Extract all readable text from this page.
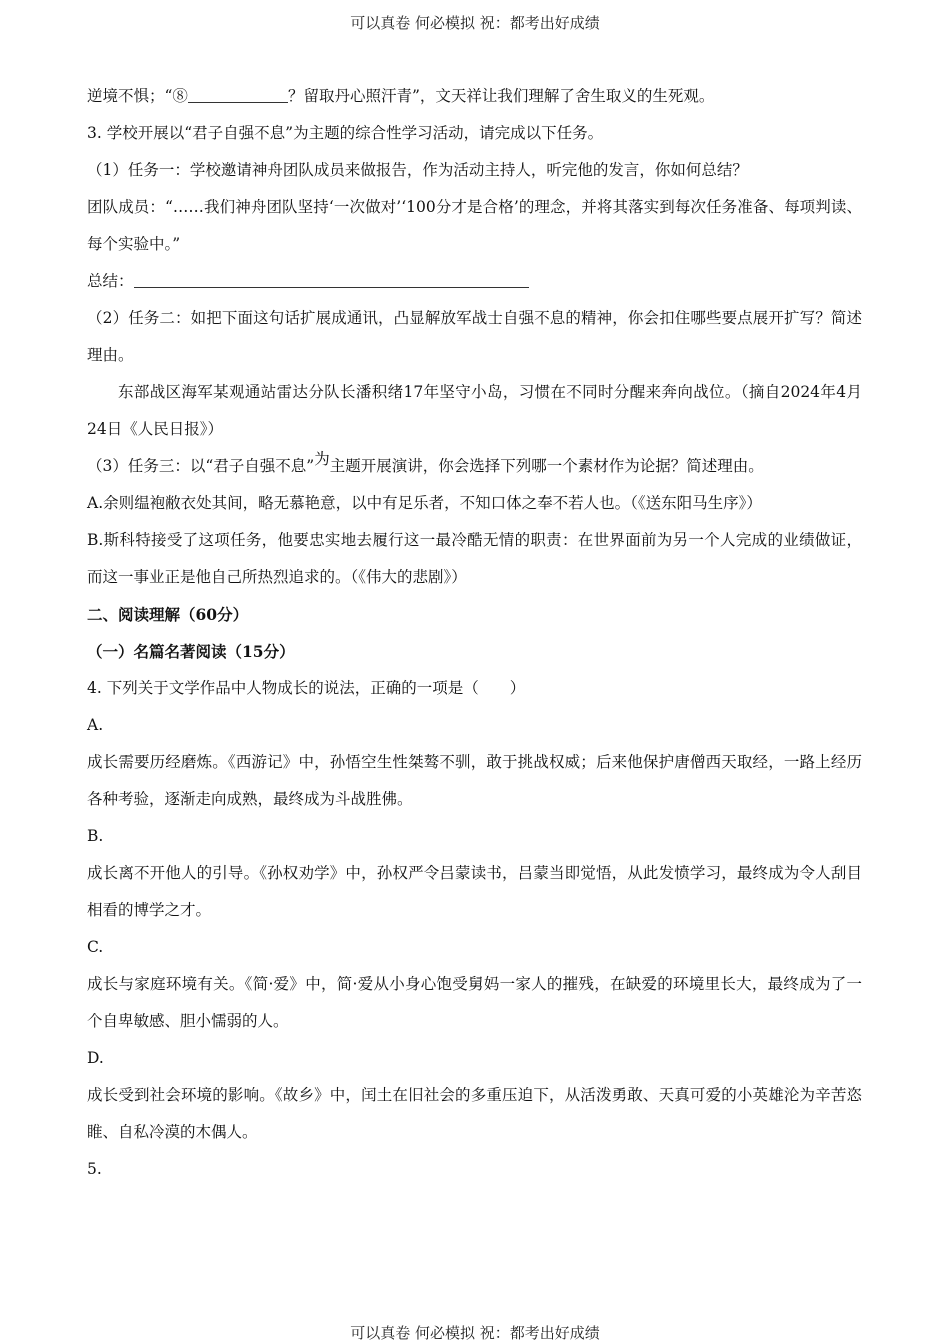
可以真卷 何必模拟 祝：都考出好成绩
逆境不惧；“⑧	？留取丹心照汗青”，文天祥让我们理解了舍生取义的生死观。
3. 学校开展以“君子自强不息”为主题的综合性学习活动，请完成以下任务。
（1）任务一：学校邀请神舟团队成员来做报告，作为活动主持人，听完他的发言，你如何总结？
团队成员：“……我们神舟团队坚持‘一次做对’‘100分才是合格’的理念，并将其落实到每次任务准备、每项判读、每个实验中。”
总结：
（2）任务二：如把下面这句话扩展成通讯，凸显解放军战士自强不息的精神，你会扣住哪些要点展开扩写？简述理由。
东部战区海军某观通站雷达分队长潘积绪17年坚守小岛，习惯在不同时分醒来奔向战位。（摘自2024年4月24日《人民日报》）
（3）任务三：以“君子自强不息”为主题开展演讲，你会选择下列哪一个素材作为论据？简述理由。
A.余则缊袍敝衣处其间，略无慕艳意，以中有足乐者，不知口体之奉不若人也。（《送东阳马生序》）
B.斯科特接受了这项任务，他要忠实地去履行这一最冷酷无情的职责：在世界面前为另一个人完成的业绩做证，而这一事业正是他自己所热烈追求的。（《伟大的悲剧》）
二、阅读理解（60分）
（一）名篇名著阅读（15分）
4. 下列关于文学作品中人物成长的说法，正确的一项是（　　）
A.
成长需要历经磨炼。《西游记》中，孙悟空生性桀骜不驯，敢于挑战权威；后来他保护唐僧西天取经，一路上经历各种考验，逐渐走向成熟，最终成为斗战胜佛。
B.
成长离不开他人的引导。《孙权劝学》中，孙权严令吕蒙读书，吕蒙当即觉悟，从此发愤学习，最终成为令人刮目相看的博学之才。
C.
成长与家庭环境有关。《简·爱》中，简·爱从小身心饱受舅妈一家人的摧残，在缺爱的环境里长大，最终成为了一个自卑敏感、胆小懦弱的人。
D.
成长受到社会环境的影响。《故乡》中，闰土在旧社会的多重压迫下，从活泼勇敢、天真可爱的小英雄沦为辛苦恣睢、自私冷漠的木偶人。
5.
可以真卷 何必模拟 祝：都考出好成绩
